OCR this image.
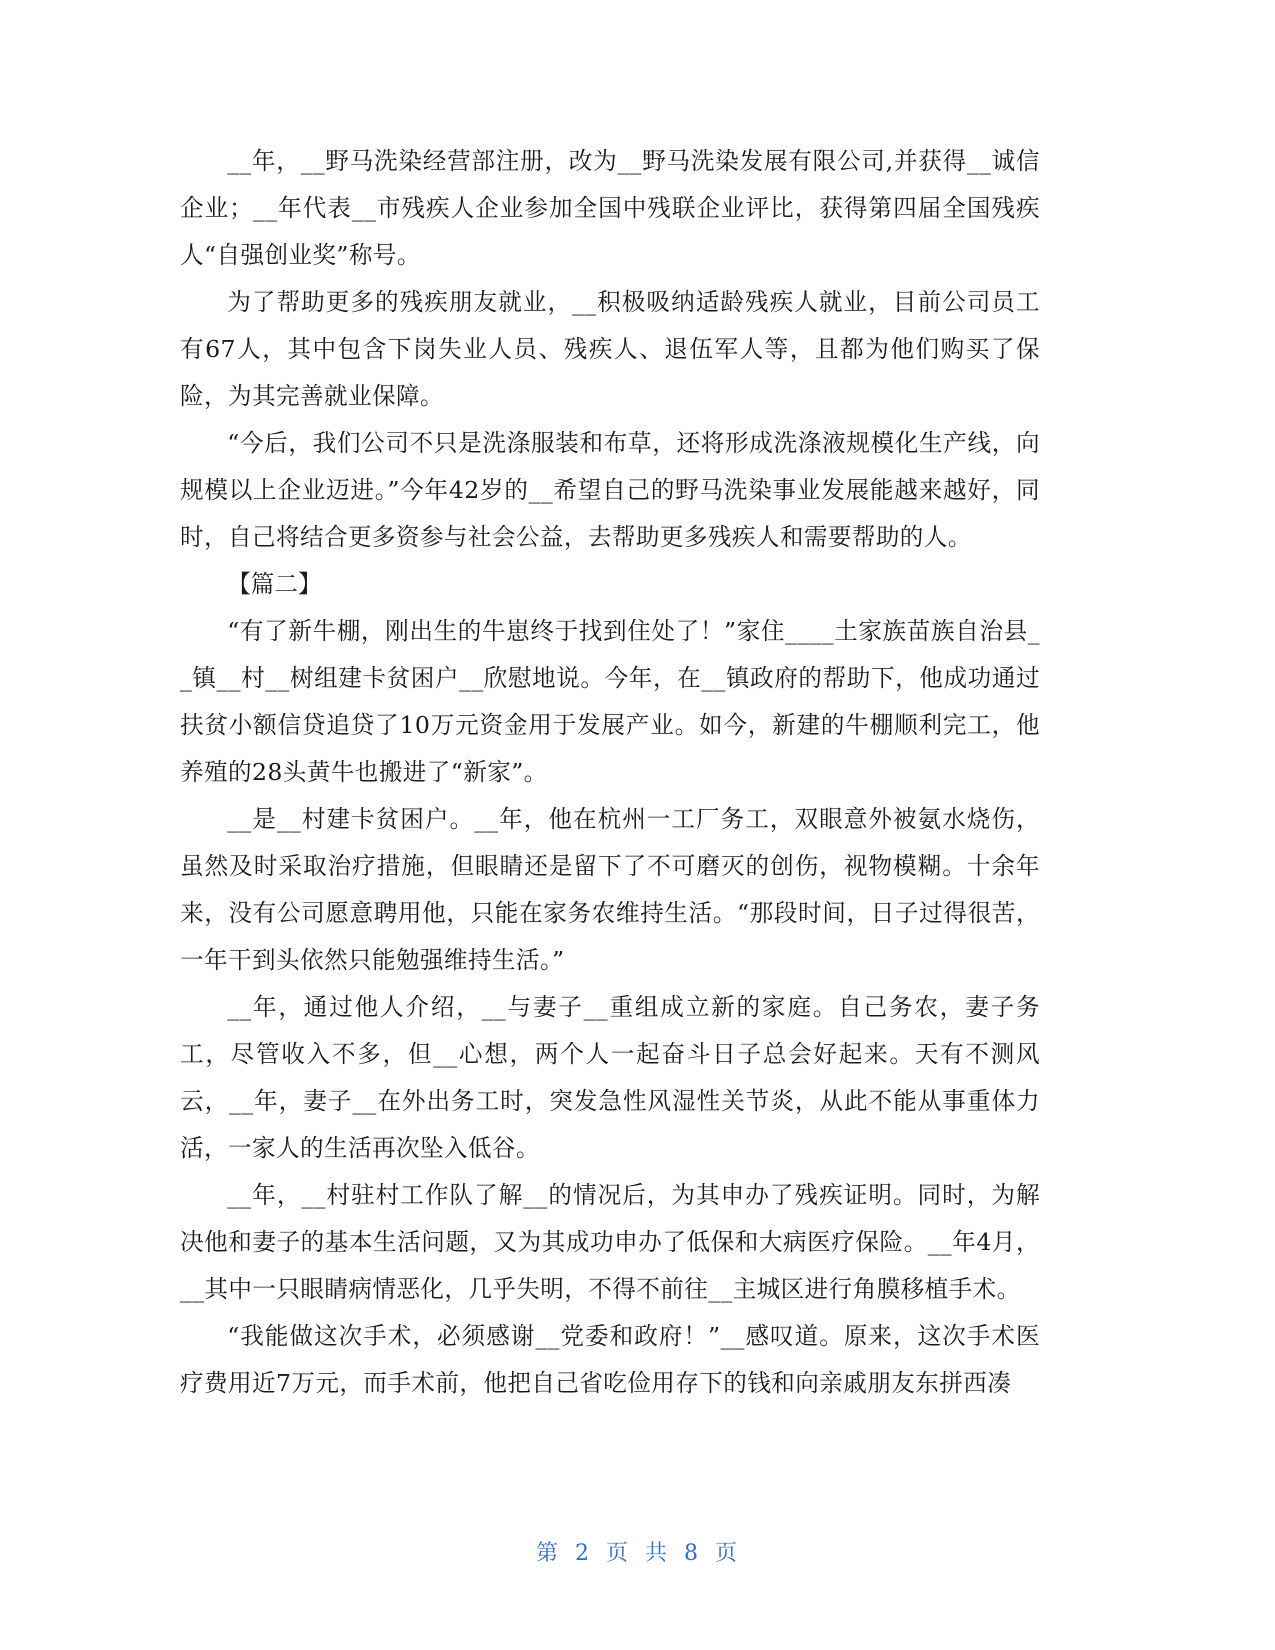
__年，__野马洗染经营部注册，改为__野马洗染发展有限公司,并获得__诚信企业；__年代表__市残疾人企业参加全国中残联企业评比，获得第四届全国残疾人“自强创业奖”称号。

为了帮助更多的残疾朋友就业，__积极吸纳适龄残疾人就业，目前公司员工有67人，其中包含下岗失业人员、残疾人、退伍军人等，且都为他们购买了保险，为其完善就业保障。

“今后，我们公司不只是洗涤服装和布草，还将形成洗涤液规模化生产线，向规模以上企业迈进。”今年42岁的__希望自己的野马洗染事业发展能越来越好，同时，自己将结合更多资参与社会公益，去帮助更多残疾人和需要帮助的人。

【篇二】

“有了新牛棚，刚出生的牛崽终于找到住处了！”家住____土家族苗族自治县__镇__村__树组建卡贫困户__欣慰地说。今年，在__镇政府的帮助下，他成功通过扶贫小额信贷追贷了10万元资金用于发展产业。如今，新建的牛棚顺利完工，他养殖的28头黄牛也搬进了“新家”。

__是__村建卡贫困户。__年，他在杭州一工厂务工，双眼意外被氨水烧伤，虽然及时采取治疗措施，但眼睛还是留下了不可磨灭的创伤，视物模糊。十余年来，没有公司愿意聘用他，只能在家务农维持生活。“那段时间，日子过得很苦，一年干到头依然只能勉强维持生活。”

__年，通过他人介绍，__与妻子__重组成立新的家庭。自己务农，妻子务工，尽管收入不多，但__心想，两个人一起奋斗日子总会好起来。天有不测风云，__年，妻子__在外出务工时，突发急性风湿性关节炎，从此不能从事重体力活，一家人的生活再次坠入低谷。

__年，__村驻村工作队了解__的情况后，为其申办了残疾证明。同时，为解决他和妻子的基本生活问题，又为其成功申办了低保和大病医疗保险。__年4月，__其中一只眼睛病情恶化，几乎失明，不得不前往__主城区进行角膜移植手术。

“我能做这次手术，必须感谢__党委和政府！”__感叹道。原来，这次手术医疗费用近7万元，而手术前，他把自己省吃俭用存下的钱和向亲戚朋友东拼西凑

第 2 页 共 8 页
